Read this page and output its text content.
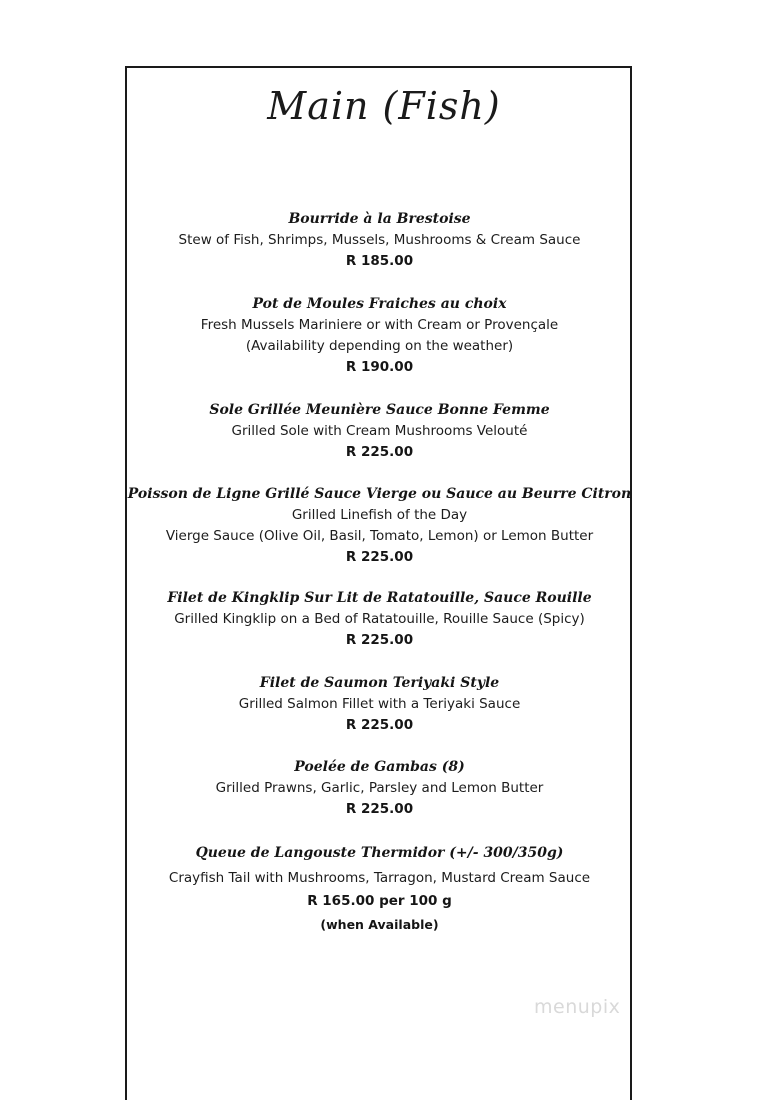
Main (Fish)
Bourride à la Brestoise
Stew of Fish, Shrimps, Mussels, Mushrooms & Cream Sauce
R 185.00
Pot de Moules Fraiches au choix
Fresh Mussels Mariniere or with Cream or Provençale
(Availability depending on the weather)
R 190.00
Sole Grillée Meunière Sauce Bonne Femme
Grilled Sole with Cream Mushrooms Velouté
R 225.00
Poisson de Ligne Grillé Sauce Vierge ou Sauce au Beurre Citron
Grilled Linefish of the Day
Vierge Sauce (Olive Oil, Basil, Tomato, Lemon) or Lemon Butter
R 225.00
Filet de Kingklip Sur Lit de Ratatouille, Sauce Rouille
Grilled Kingklip on a Bed of Ratatouille, Rouille Sauce (Spicy)
R 225.00
Filet de Saumon Teriyaki Style
Grilled Salmon Fillet with a Teriyaki Sauce
R 225.00
Poelée de Gambas (8)
Grilled Prawns, Garlic, Parsley and Lemon Butter
R 225.00
Queue de Langouste Thermidor (+/- 300/350g)
Crayfish Tail with Mushrooms, Tarragon, Mustard Cream Sauce
R 165.00 per 100 g
(when Available)
menupix
